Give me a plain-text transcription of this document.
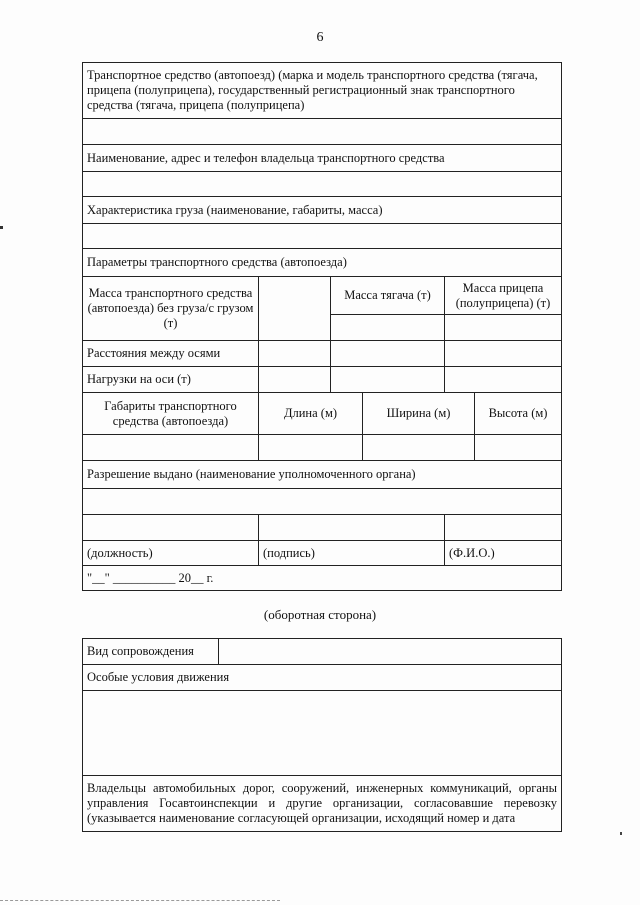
6
Транспортное средство (автопоезд) (марка и модель транспортного средства (тягача, прицепа (полуприцепа), государственный регистрационный знак транспортного средства (тягача, прицепа (полуприцепа)					

Наименование, адрес и телефон владельца транспортного средства					

Характеристика груза (наименование, габариты, масса)					

Параметры транспортного средства (автопоезда)					
Масса транспортного средства (автопоезда) без груза/с грузом (т)		Масса тягача (т)		Масса прицепа (полуприцепа) (т)	

Расстояния между осями					
Нагрузки на оси (т)					
Габариты транспортного средства (автопоезда)	Длина (м)		Ширина (м)		Высота (м)

Разрешение выдано (наименование уполномоченного органа)					

(должность)	(подпись)			(Ф.И.О.)	
"__" __________ 20__ г.					
(оборотная сторона)
Вид сопровождения	
Особые условия движения

Владельцы автомобильных дорог, сооружений, инженерных коммуникаций, органы управления Госавтоинспекции и другие организации, согласовавшие перевозку (указывается наименование согласующей организации, исходящий номер и дата
